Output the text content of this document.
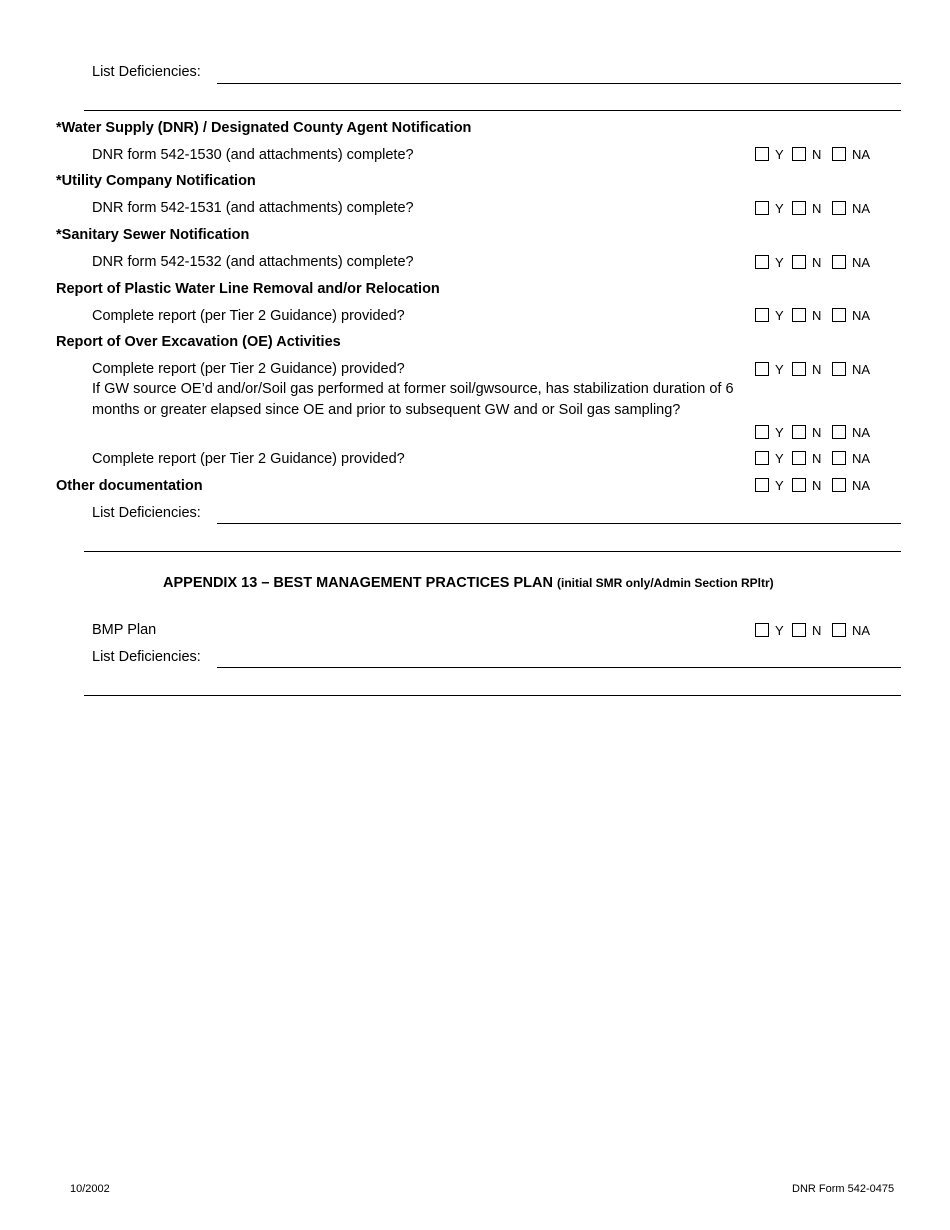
List Deficiencies:
*Water Supply (DNR) / Designated County Agent Notification
DNR form 542-1530 (and attachments) complete?	Y N NA
*Utility Company Notification
DNR form 542-1531 (and attachments) complete?	Y N NA
*Sanitary Sewer Notification
DNR form 542-1532 (and attachments) complete?	Y N NA
Report of Plastic Water Line Removal and/or Relocation
Complete report (per Tier 2 Guidance) provided?	Y N NA
Report of Over Excavation (OE) Activities
Complete report (per Tier 2 Guidance) provided?	Y N NA
If GW source OE’d and/or/Soil gas performed at former soil/gwsource, has stabilization duration of 6 months or greater elapsed since OE and prior to subsequent GW and or Soil gas sampling?
Y N NA
Complete report (per Tier 2 Guidance) provided?	Y N NA
Other documentation	Y N NA
List Deficiencies:
APPENDIX 13 – BEST MANAGEMENT PRACTICES PLAN (initial SMR only/Admin Section RPltr)
BMP Plan	Y N NA
List Deficiencies:
10/2002	DNR Form 542-0475
